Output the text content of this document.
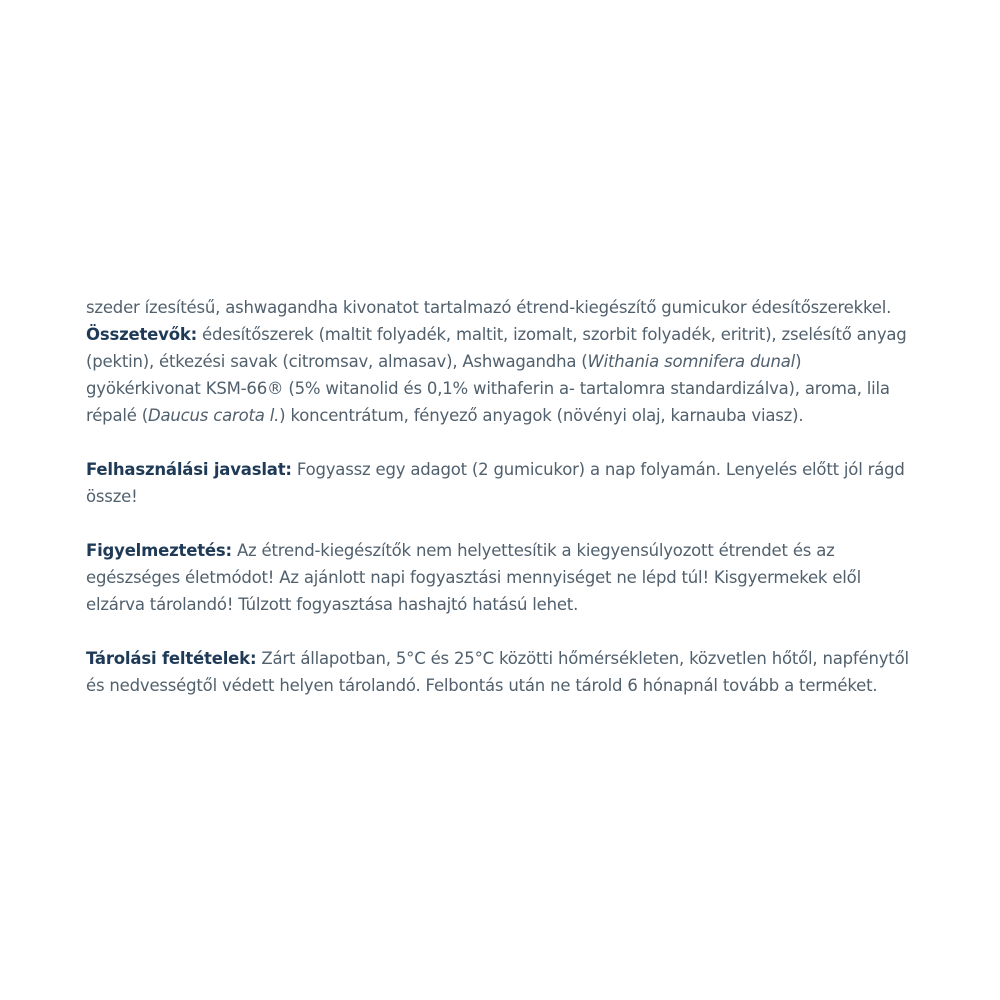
szeder ízesítésű, ashwagandha kivonatot tartalmazó étrend-kiegészítő gumicukor édesítőszerekkel.
Összetevők: édesítőszerek (maltit folyadék, maltit, izomalt, szorbit folyadék, eritrit), zselésítő anyag (pektin), étkezési savak (citromsav, almasav), Ashwagandha (Withania somnifera dunal) gyökérkivonat KSM-66® (5% witanolid és 0,1% withaferin a- tartalomra standardizálva), aroma, lila répalé (Daucus carota l.) koncentrátum, fényező anyagok (növényi olaj, karnauba viasz).

Felhasználási javaslat: Fogyassz egy adagot (2 gumicukor) a nap folyamán. Lenyelés előtt jól rágd össze!

Figyelmeztetés: Az étrend-kiegészítők nem helyettesítik a kiegyensúlyozott étrendet és az egészséges életmódot! Az ajánlott napi fogyasztási mennyiséget ne lépd túl! Kisgyermekek elől elzárva tárolandó! Túlzott fogyasztása hashajtó hatású lehet.

Tárolási feltételek: Zárt állapotban, 5°C és 25°C közötti hőmérsékleten, közvetlen hőtől, napfénytől és nedvességtől védett helyen tárolandó. Felbontás után ne tárold 6 hónapnál tovább a terméket.
